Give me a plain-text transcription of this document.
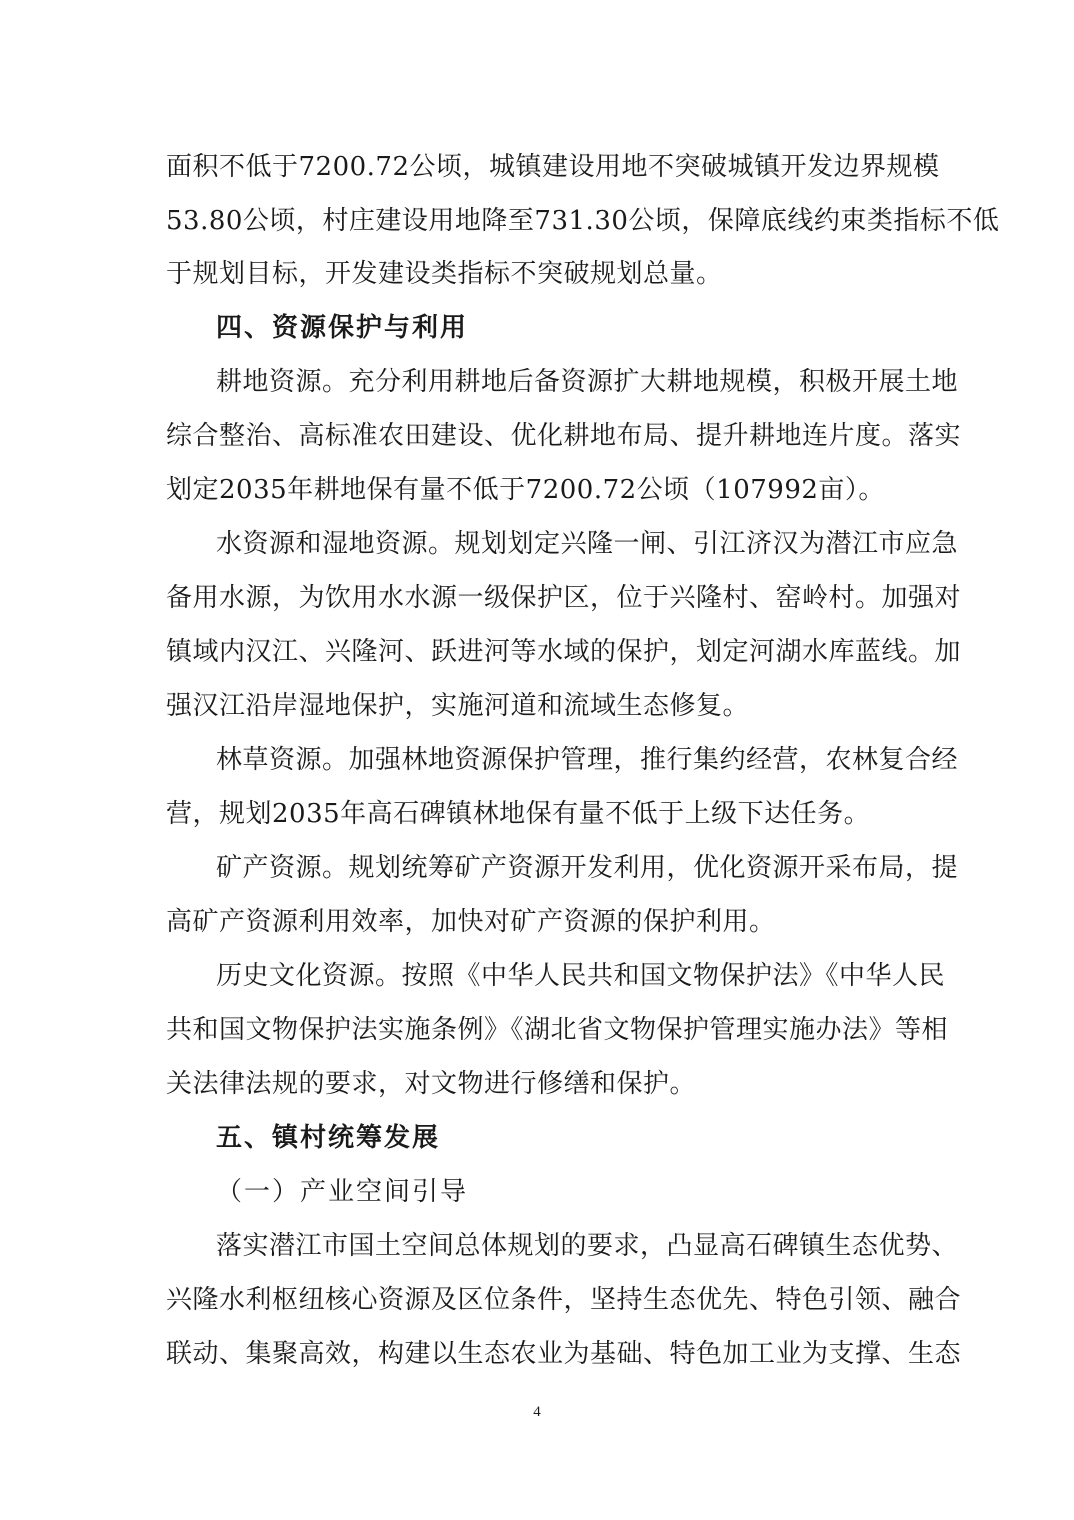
面积不低于7200.72公顷，城镇建设用地不突破城镇开发边界规模
53.80公顷，村庄建设用地降至731.30公顷，保障底线约束类指标不低
于规划目标，开发建设类指标不突破规划总量。
四、资源保护与利用
耕地资源。充分利用耕地后备资源扩大耕地规模，积极开展土地
综合整治、高标准农田建设、优化耕地布局、提升耕地连片度。落实
划定2035年耕地保有量不低于7200.72公顷（107992亩）。
水资源和湿地资源。规划划定兴隆一闸、引江济汉为潜江市应急
备用水源，为饮用水水源一级保护区，位于兴隆村、窑岭村。加强对
镇域内汉江、兴隆河、跃进河等水域的保护，划定河湖水库蓝线。加
强汉江沿岸湿地保护，实施河道和流域生态修复。
林草资源。加强林地资源保护管理，推行集约经营，农林复合经
营，规划2035年高石碑镇林地保有量不低于上级下达任务。
矿产资源。规划统筹矿产资源开发利用，优化资源开采布局，提
高矿产资源利用效率，加快对矿产资源的保护利用。
历史文化资源。按照《中华人民共和国文物保护法》《中华人民
共和国文物保护法实施条例》《湖北省文物保护管理实施办法》等相
关法律法规的要求，对文物进行修缮和保护。
五、镇村统筹发展
（一）产业空间引导
落实潜江市国土空间总体规划的要求，凸显高石碑镇生态优势、
兴隆水利枢纽核心资源及区位条件，坚持生态优先、特色引领、融合
联动、集聚高效，构建以生态农业为基础、特色加工业为支撑、生态
4
